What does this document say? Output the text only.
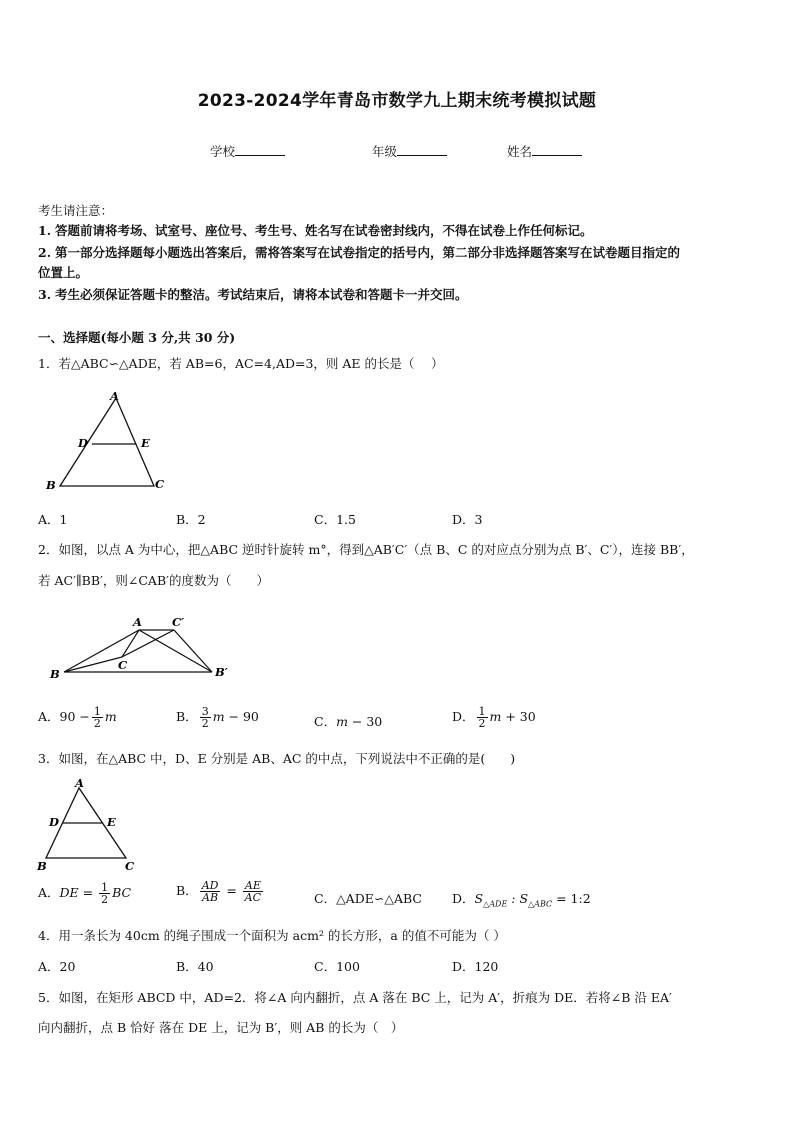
2023-2024学年青岛市数学九上期末统考模拟试题
学校	年级	姓名
考生请注意：
1. 答题前请将考场、试室号、座位号、考生号、姓名写在试卷密封线内，不得在试卷上作任何标记。
2. 第一部分选择题每小题选出答案后，需将答案写在试卷指定的括号内，第二部分非选择题答案写在试卷题目指定的
位置上。
3. 考生必须保证答题卡的整洁。考试结束后，请将本试卷和答题卡一并交回。
一、选择题(每小题 3 分,共 30 分)
1．若△ABC∽△ADE，若 AB=6，AC=4,AD=3，则 AE 的长是（　 ）
A
D	E
B	C
A．1	B．2	C．1.5	D．3
2．如图，以点 A 为中心，把△ABC 逆时针旋转 m°，得到△AB′C′（点 B、C 的对应点分别为点 B′、C′），连接 BB′，
若 AC′∥BB′，则∠CAB′的度数为（　　）
A	C′
B
C	B′
A．$90 - \frac{1}{2}$ m	B． $\frac{3}{2}$ m − 90	C．m − 30	D． $\frac{1}{2}$ m + 30
3．如图，在△ABC 中，D、E 分别是 AB、AC 的中点，下列说法中不正确的是(　　)
A
D	E
B	C
A．DE = $\frac{1}{2}$ BC	B． $\frac{AD}{AB} = \frac{AE}{AC}$	C．△ADE∽△ABC D．$S_{\triangle ADE}$ : $S_{\triangle ABC}$ = 1:2
4．用一条长为 40cm 的绳子围成一个面积为 acm² 的长方形，a 的值不可能为（ ）
A．20	B．40	C．100	D．120
5．如图，在矩形 ABCD 中，AD=2．将∠A 向内翻折，点 A 落在 BC 上，记为 A′，折痕为 DE．若将∠B 沿 EA′
向内翻折，点 B 恰好 落在 DE 上，记为 B′，则 AB 的长为（　）
